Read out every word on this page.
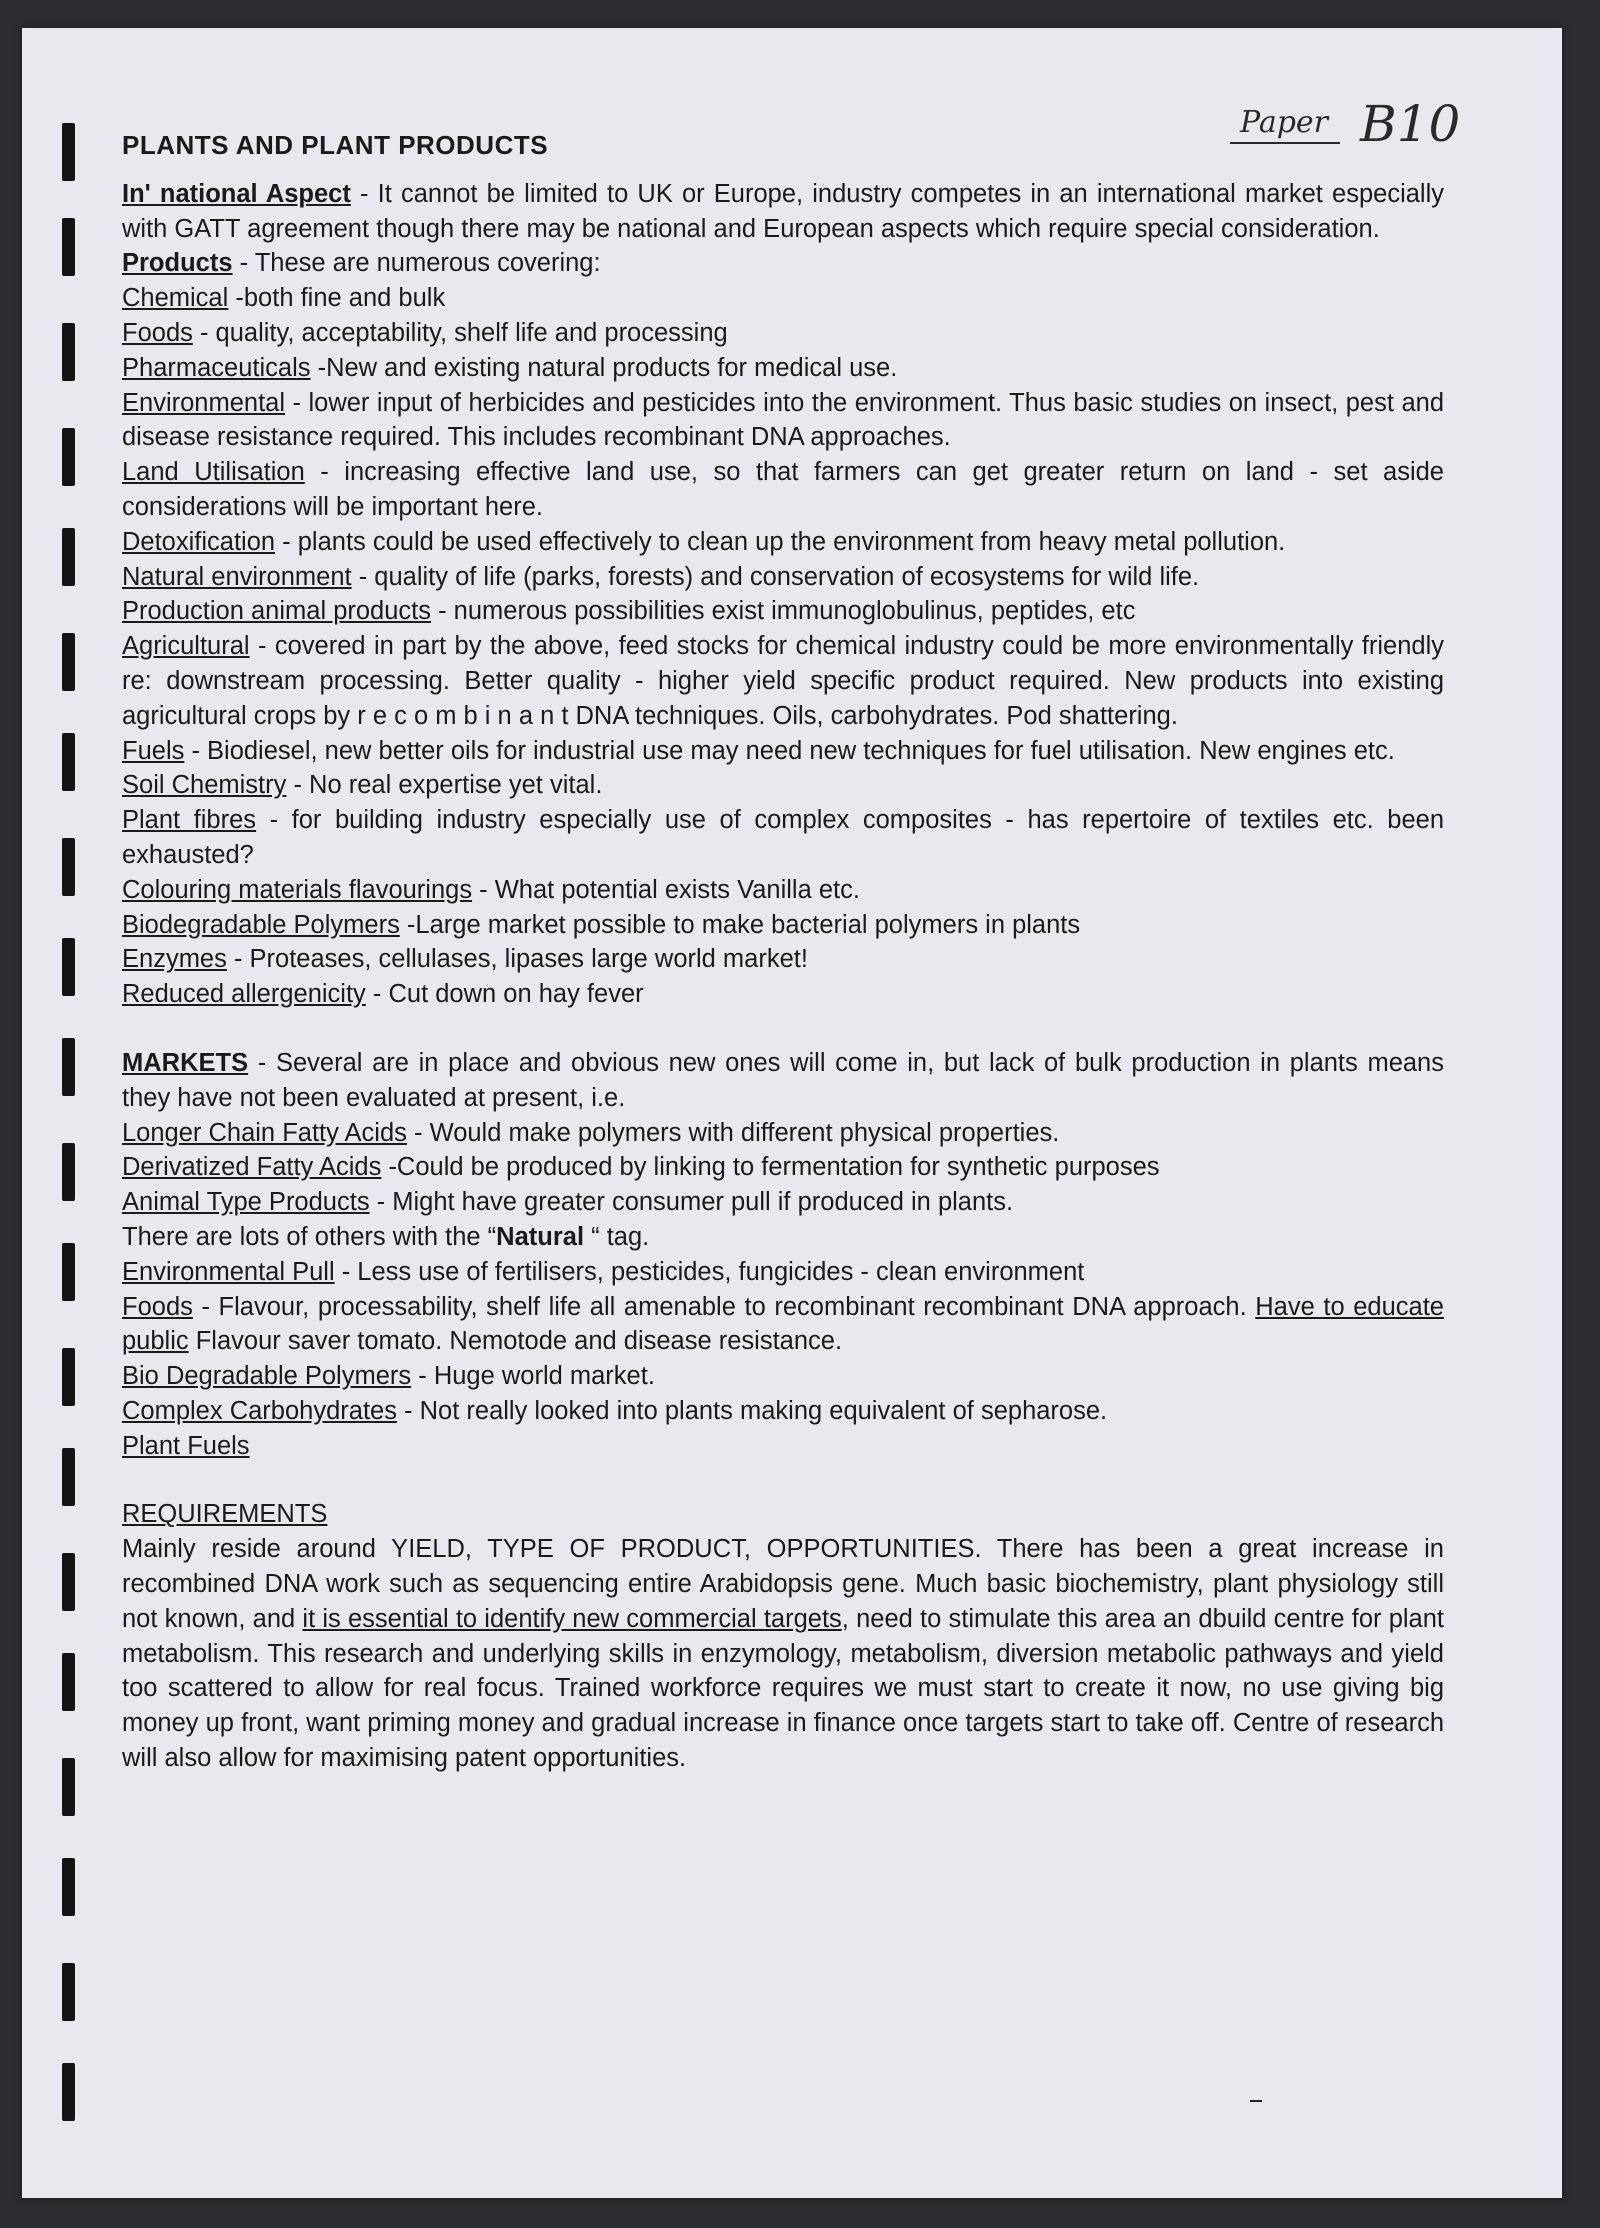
Paper B10
PLANTS AND PLANT PRODUCTS
In' national Aspect - It cannot be limited to UK or Europe, industry competes in an international market especially with GATT agreement though there may be national and European aspects which require special consideration.
Products - These are numerous covering:
Chemical -both fine and bulk
Foods - quality, acceptability, shelf life and processing
Pharmaceuticals -New and existing natural products for medical use.
Environmental - lower input of herbicides and pesticides into the environment. Thus basic studies on insect, pest and disease resistance required. This includes recombinant DNA approaches.
Land Utilisation - increasing effective land use, so that farmers can get greater return on land - set aside considerations will be important here.
Detoxification - plants could be used effectively to clean up the environment from heavy metal pollution.
Natural environment - quality of life (parks, forests) and conservation of ecosystems for wild life.
Production animal products - numerous possibilities exist immunoglobulinus, peptides, etc
Agricultural - covered in part by the above, feed stocks for chemical industry could be more environmentally friendly re: downstream processing. Better quality - higher yield specific product required. New products into existing agricultural crops by r e c o m b i n a n t DNA techniques. Oils, carbohydrates. Pod shattering.
Fuels - Biodiesel, new better oils for industrial use may need new techniques for fuel utilisation. New engines etc.
Soil Chemistry - No real expertise yet vital.
Plant fibres - for building industry especially use of complex composites - has repertoire of textiles etc. been exhausted?
Colouring materials flavourings - What potential exists Vanilla etc.
Biodegradable Polymers -Large market possible to make bacterial polymers in plants
Enzymes - Proteases, cellulases, lipases large world market!
Reduced allergenicity - Cut down on hay fever
MARKETS - Several are in place and obvious new ones will come in, but lack of bulk production in plants means they have not been evaluated at present, i.e.
Longer Chain Fatty Acids - Would make polymers with different physical properties.
Derivatized Fatty Acids -Could be produced by linking to fermentation for synthetic purposes
Animal Type Products - Might have greater consumer pull if produced in plants.
There are lots of others with the “Natural “ tag.
Environmental Pull - Less use of fertilisers, pesticides, fungicides - clean environment
Foods - Flavour, processability, shelf life all amenable to recombinant recombinant DNA approach. Have to educate public Flavour saver tomato. Nemotode and disease resistance.
Bio Degradable Polymers - Huge world market.
Complex Carbohydrates - Not really looked into plants making equivalent of sepharose.
Plant Fuels
REQUIREMENTS
Mainly reside around YIELD, TYPE OF PRODUCT, OPPORTUNITIES. There has been a great increase in recombined DNA work such as sequencing entire Arabidopsis gene. Much basic biochemistry, plant physiology still not known, and it is essential to identify new commercial targets, need to stimulate this area an dbuild centre for plant metabolism. This research and underlying skills in enzymology, metabolism, diversion metabolic pathways and yield too scattered to allow for real focus. Trained workforce requires we must start to create it now, no use giving big money up front, want priming money and gradual increase in finance once targets start to take off. Centre of research will also allow for maximising patent opportunities.
